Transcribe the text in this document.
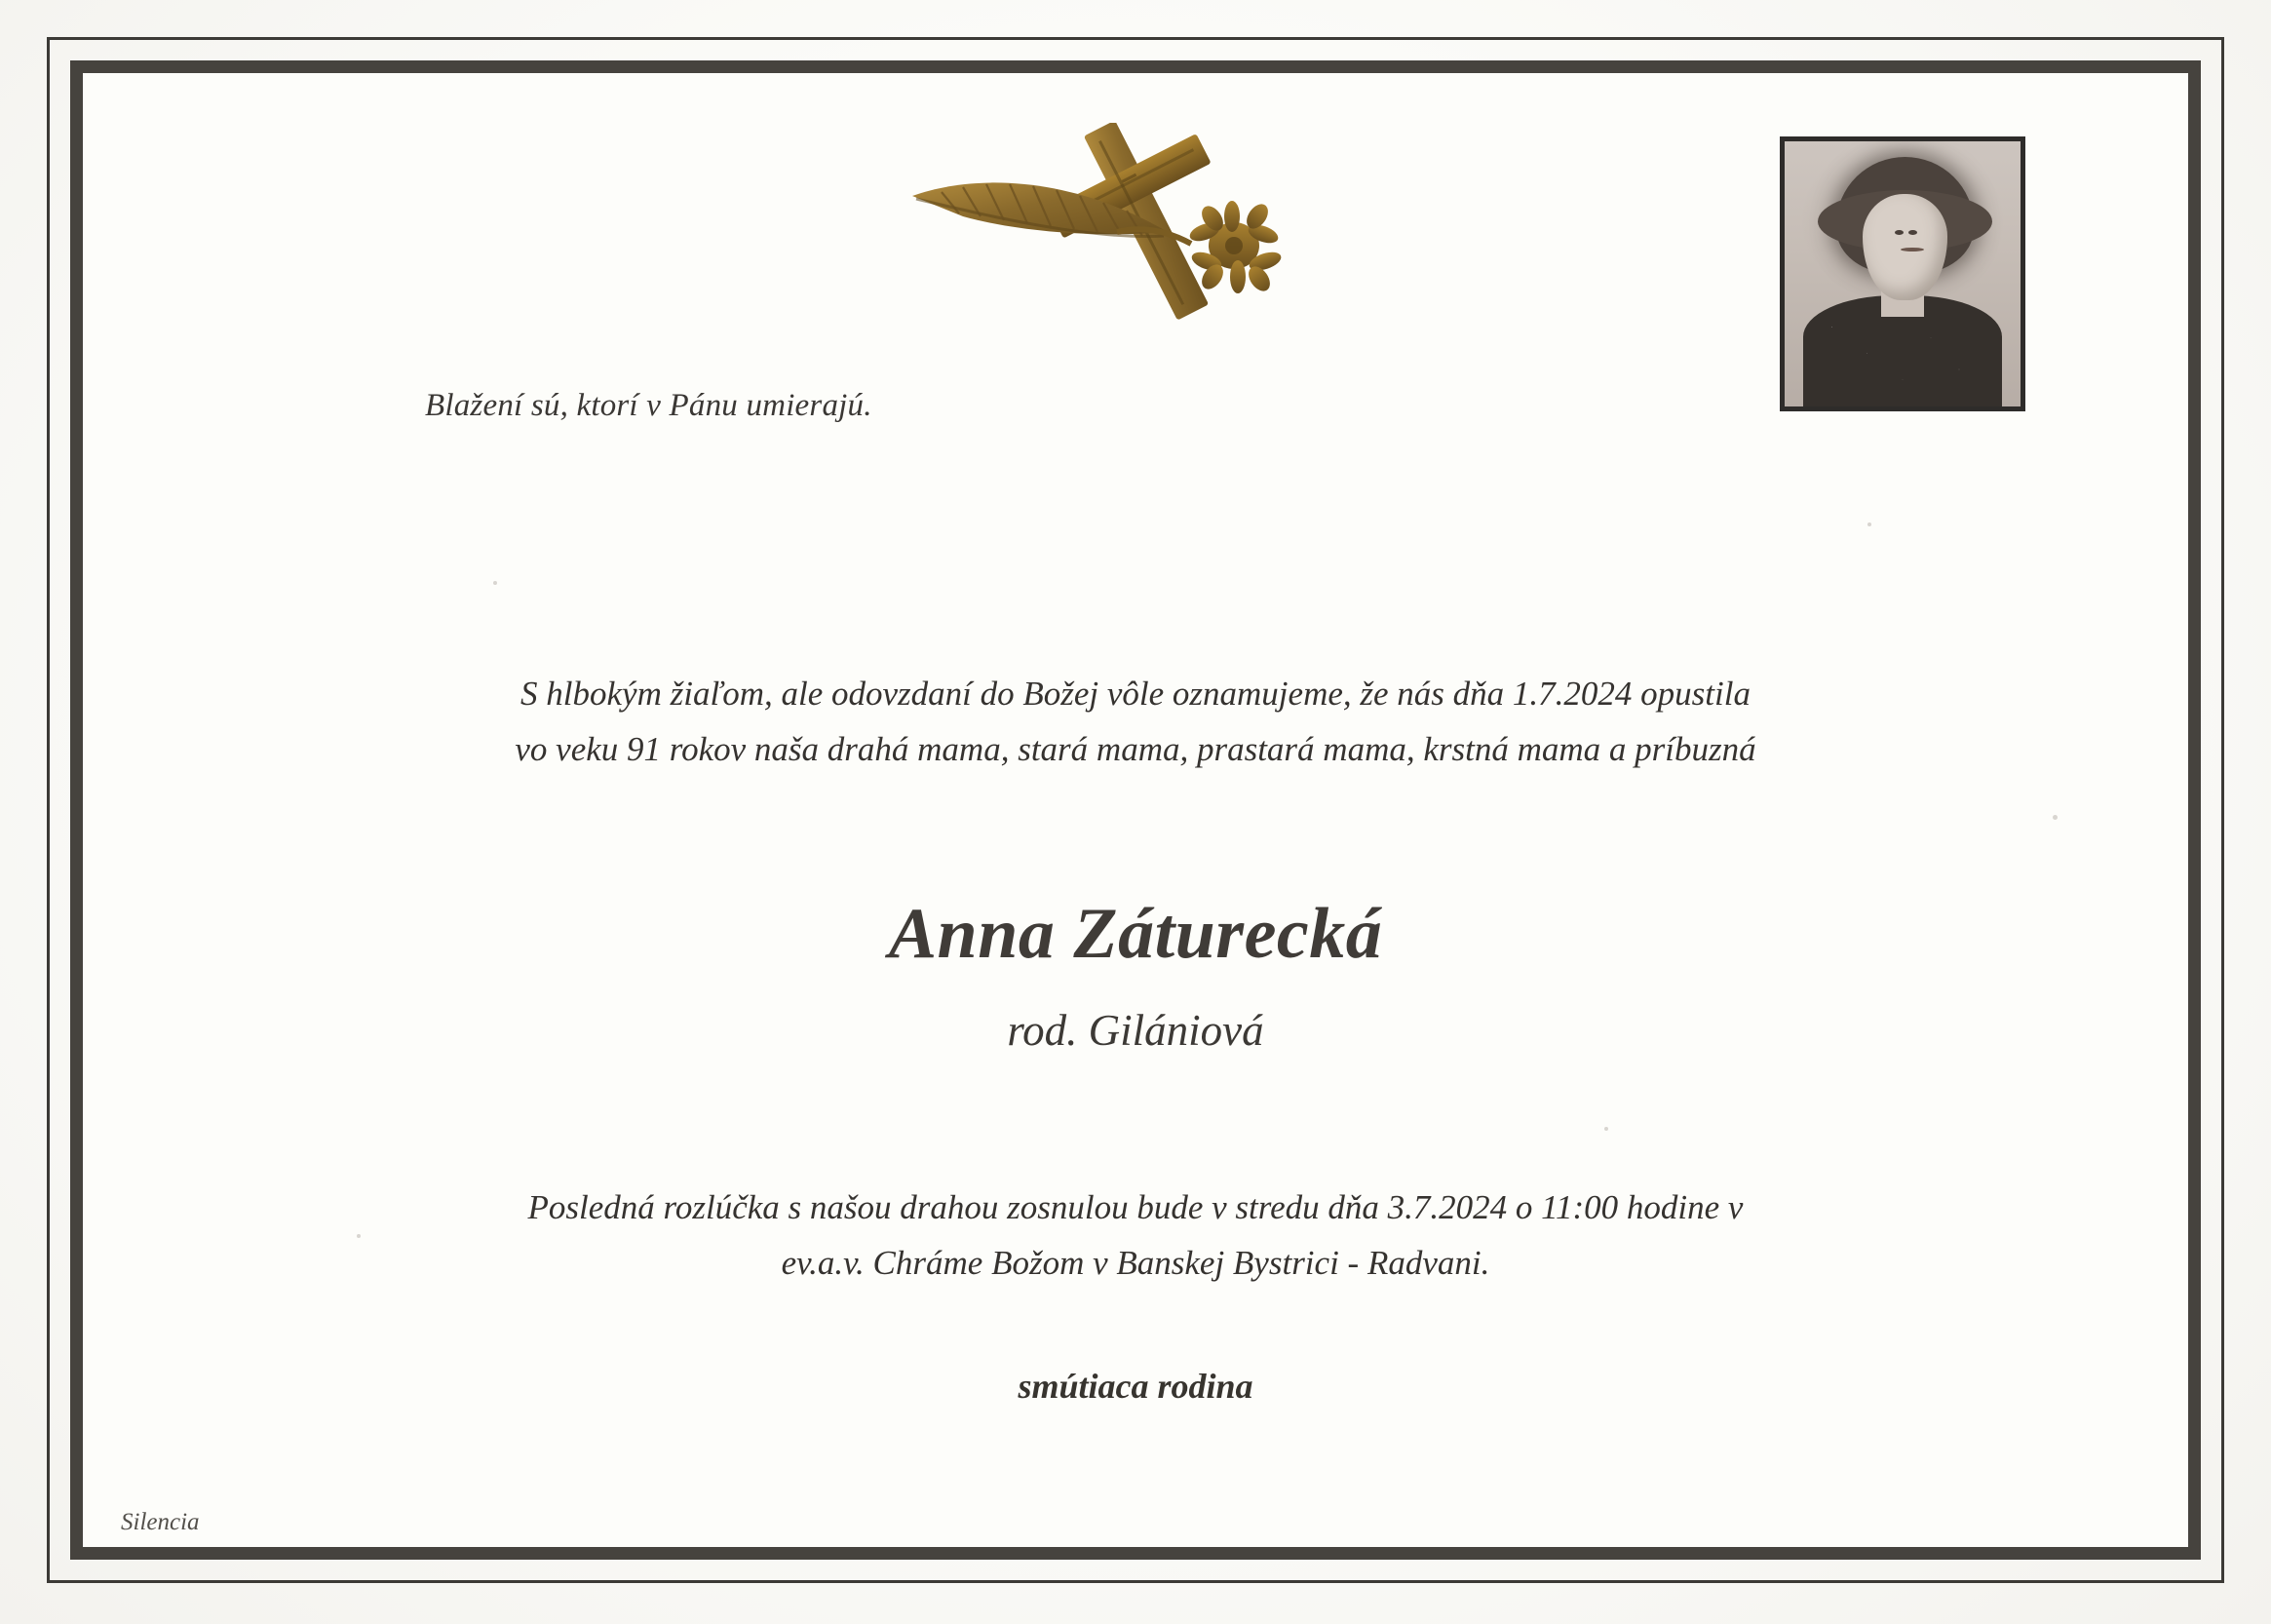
Blažení sú, ktorí v Pánu umierajú.
S hlbokým žiaľom, ale odovzdaní do Božej vôle oznamujeme, že nás dňa 1.7.2024 opustila
vo veku 91 rokov naša drahá mama, stará mama, prastará mama, krstná mama a príbuzná
Anna Záturecká
rod. Gilániová
Posledná rozlúčka s našou drahou zosnulou bude v stredu dňa 3.7.2024 o 11:00 hodine v
ev.a.v. Chráme Božom v Banskej Bystrici - Radvani.
smútiaca rodina
Silencia
